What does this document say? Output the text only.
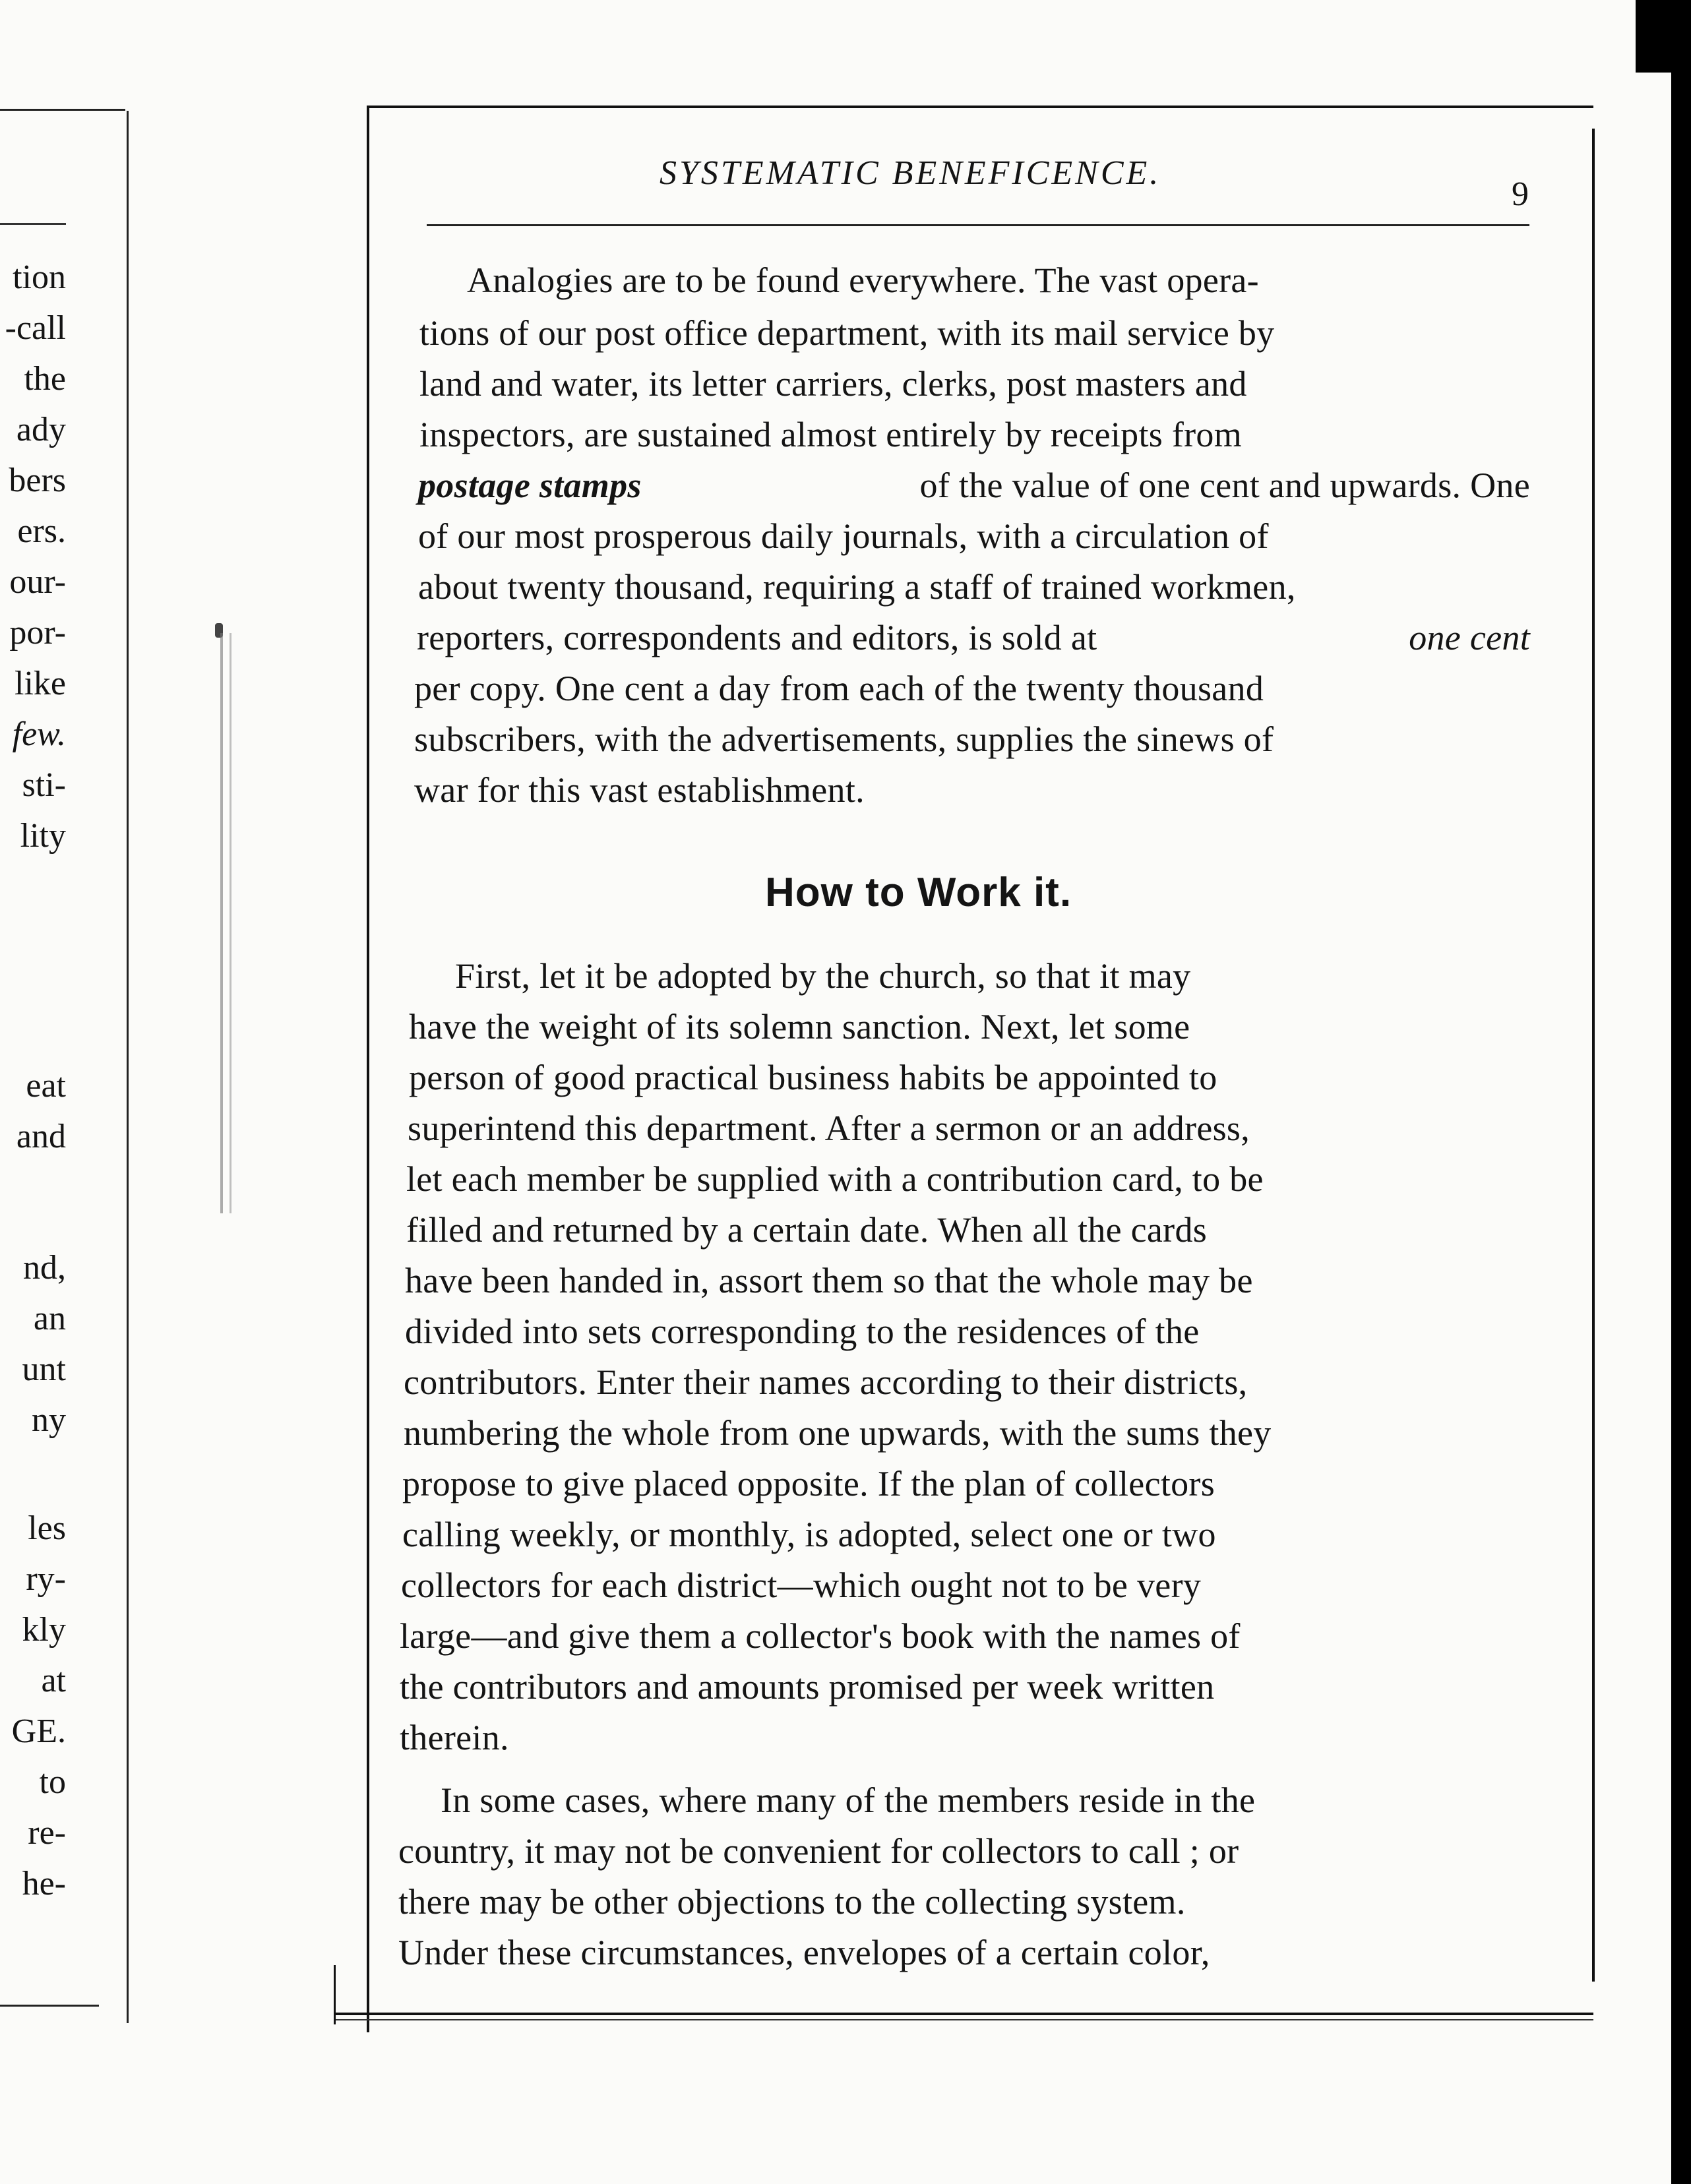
tion
-call
the
ady
bers
ers.
our-
por-
like
few.
sti-
lity
eat
and
nd,
an
unt
ny
les
ry-
kly
at
GE.
to
re-
he-
SYSTEMATIC BENEFICENCE.
9
Analogies are to be found everywhere. The vast opera-
tions of our post office department, with its mail service by
land and water, its letter carriers, clerks, post masters and
inspectors, are sustained almost entirely by receipts from
postage stamps	of the value of one cent and upwards. One
of our most prosperous daily journals, with a circulation of
about twenty thousand, requiring a staff of trained workmen,
reporters, correspondents and editors, is sold at	one cent
per copy. One cent a day from each of the twenty thousand
subscribers, with the advertisements, supplies the sinews of
war for this vast establishment.
How to Work it.
First, let it be adopted by the church, so that it may
have the weight of its solemn sanction. Next, let some
person of good practical business habits be appointed to
superintend this department. After a sermon or an address,
let each member be supplied with a contribution card, to be
filled and returned by a certain date. When all the cards
have been handed in, assort them so that the whole may be
divided into sets corresponding to the residences of the
contributors. Enter their names according to their districts,
numbering the whole from one upwards, with the sums they
propose to give placed opposite. If the plan of collectors
calling weekly, or monthly, is adopted, select one or two
collectors for each district—which ought not to be very
large—and give them a collector's book with the names of
the contributors and amounts promised per week written
therein.
In some cases, where many of the members reside in the
country, it may not be convenient for collectors to call ; or
there may be other objections to the collecting system.
Under these circumstances, envelopes of a certain color,
